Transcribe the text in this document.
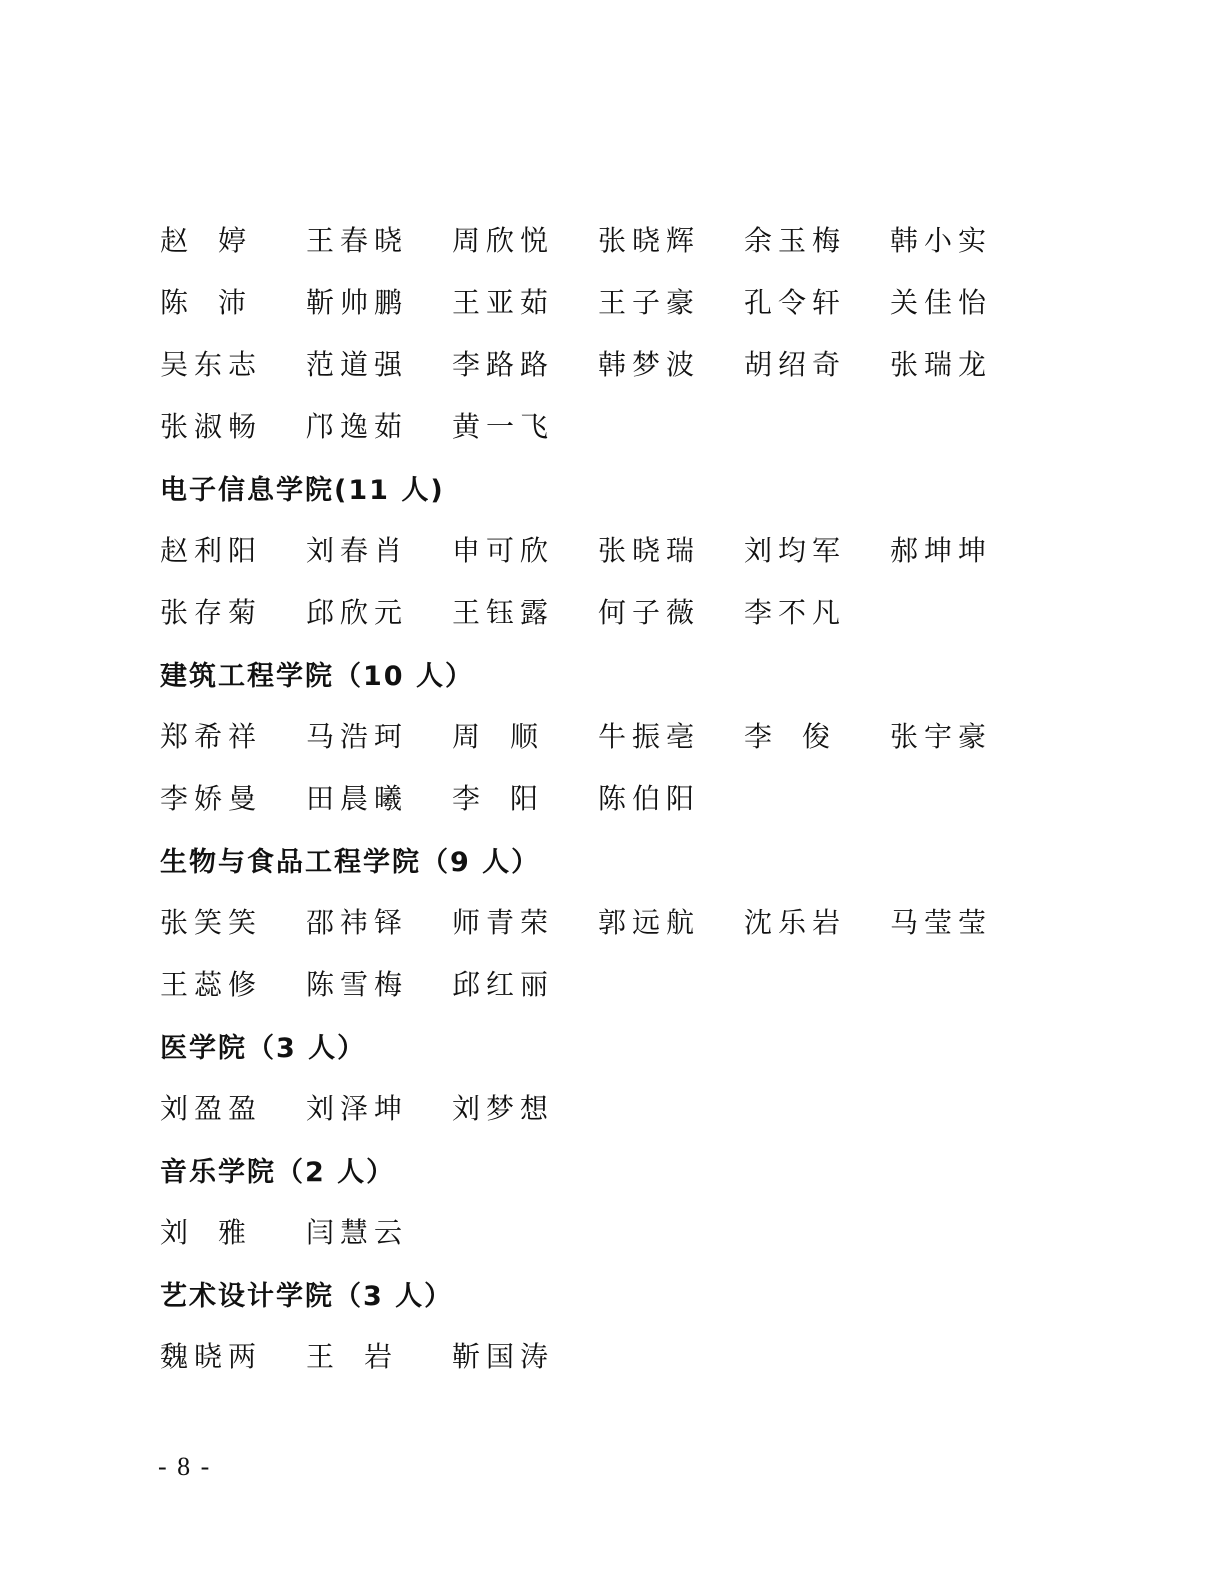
赵婷	王春晓	周欣悦	张晓辉	余玉梅	韩小实
陈沛	靳帅鹏	王亚茹	王子豪	孔令轩	关佳怡
吴东志	范道强	李路路	韩梦波	胡绍奇	张瑞龙
张淑畅	邝逸茹	黄一飞
电子信息学院(11 人)
赵利阳	刘春肖	申可欣	张晓瑞	刘均军	郝坤坤
张存菊	邱欣元	王钰露	何子薇	李不凡
建筑工程学院（10 人）
郑希祥	马浩珂	周顺	牛振亳	李俊	张宇豪
李娇曼	田晨曦	李阳	陈伯阳
生物与食品工程学院（9 人）
张笑笑	邵祎铎	师青荣	郭远航	沈乐岩	马莹莹
王蕊修	陈雪梅	邱红丽
医学院（3 人）
刘盈盈	刘泽坤	刘梦想
音乐学院（2 人）
刘雅	闫慧云
艺术设计学院（3 人）
魏晓两	王岩	靳国涛
- 8 -
